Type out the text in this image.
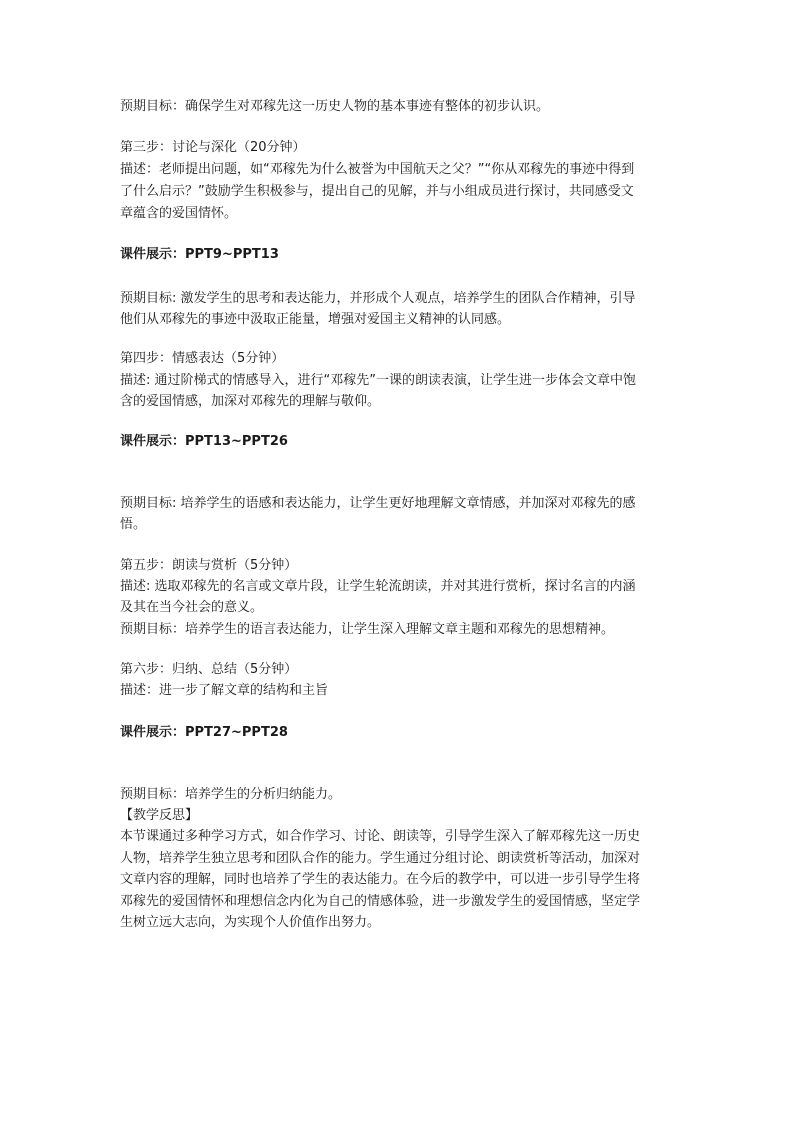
预期目标：确保学生对邓稼先这一历史人物的基本事迹有整体的初步认识。
第三步：讨论与深化（20分钟）
描述：老师提出问题，如“邓稼先为什么被誉为中国航天之父？”“你从邓稼先的事迹中得到
了什么启示？”鼓励学生积极参与，提出自己的见解，并与小组成员进行探讨，共同感受文
章蕴含的爱国情怀。
课件展示：PPT9~PPT13
预期目标: 激发学生的思考和表达能力，并形成个人观点，培养学生的团队合作精神，引导
他们从邓稼先的事迹中汲取正能量，增强对爱国主义精神的认同感。
第四步：情感表达（5分钟）
描述: 通过阶梯式的情感导入，进行“邓稼先”一课的朗读表演，让学生进一步体会文章中饱
含的爱国情感，加深对邓稼先的理解与敬仰。
课件展示：PPT13~PPT26
预期目标: 培养学生的语感和表达能力，让学生更好地理解文章情感，并加深对邓稼先的感
悟。
第五步：朗读与赏析（5分钟）
描述: 选取邓稼先的名言或文章片段，让学生轮流朗读，并对其进行赏析，探讨名言的内涵
及其在当今社会的意义。
预期目标：培养学生的语言表达能力，让学生深入理解文章主题和邓稼先的思想精神。
第六步：归纳、总结（5分钟）
描述：进一步了解文章的结构和主旨
课件展示：PPT27~PPT28
预期目标：培养学生的分析归纳能力。
【教学反思】
本节课通过多种学习方式，如合作学习、讨论、朗读等，引导学生深入了解邓稼先这一历史
人物，培养学生独立思考和团队合作的能力。学生通过分组讨论、朗读赏析等活动，加深对
文章内容的理解，同时也培养了学生的表达能力。在今后的教学中，可以进一步引导学生将
邓稼先的爱国情怀和理想信念内化为自己的情感体验，进一步激发学生的爱国情感，坚定学
生树立远大志向，为实现个人价值作出努力。
